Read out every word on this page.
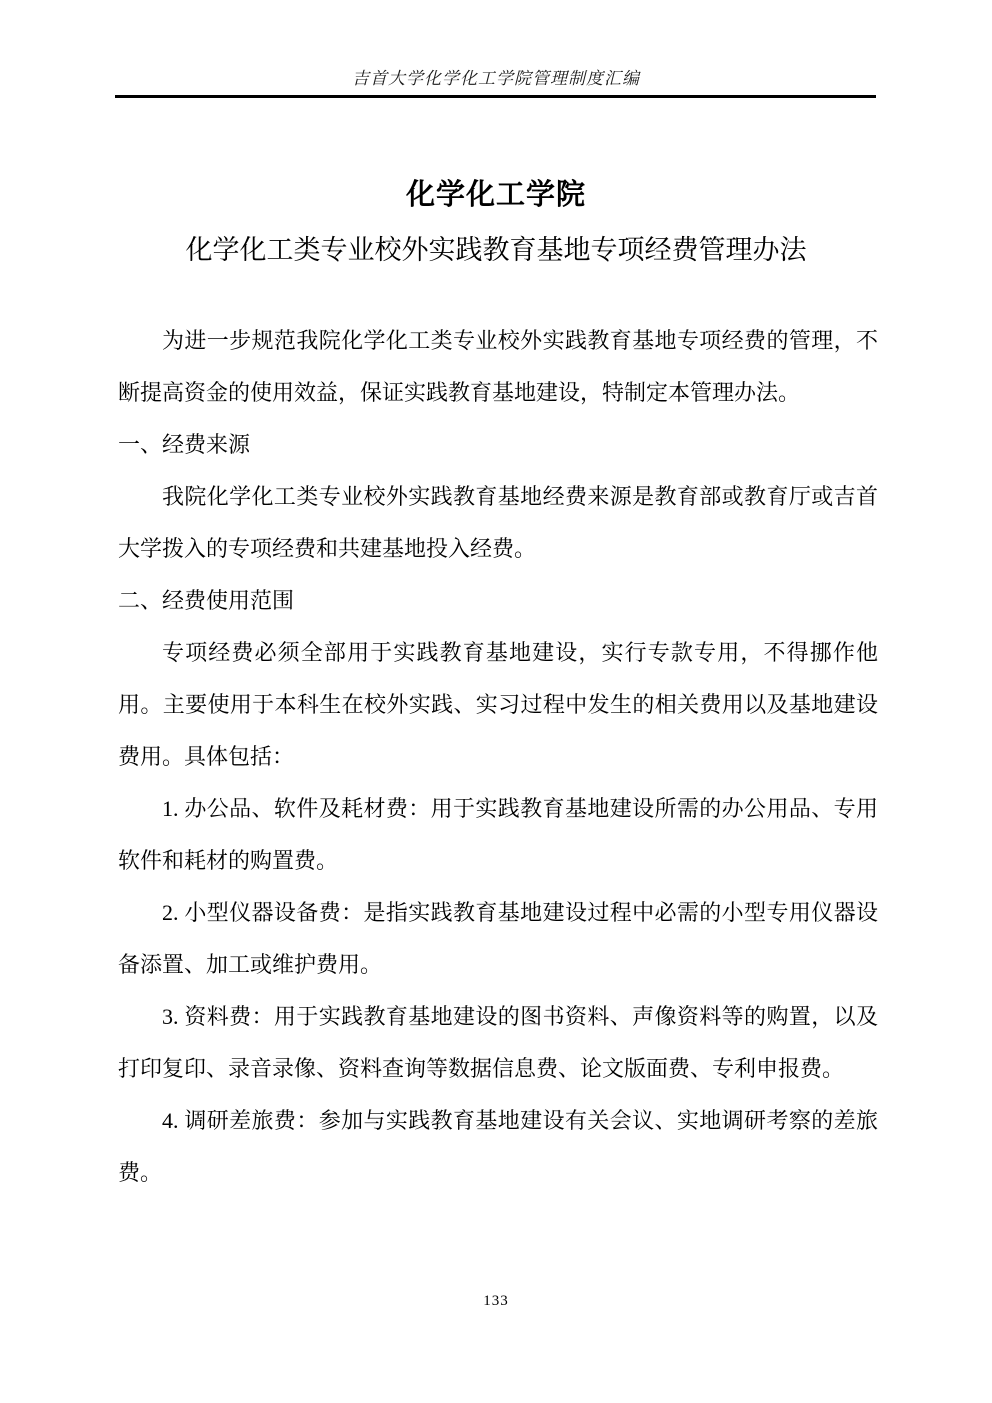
吉首大学化学化工学院管理制度汇编
化学化工学院
化学化工类专业校外实践教育基地专项经费管理办法

为进一步规范我院化学化工类专业校外实践教育基地专项经费的管理，不断提高资金的使用效益，保证实践教育基地建设，特制定本管理办法。

一、经费来源

我院化学化工类专业校外实践教育基地经费来源是教育部或教育厅或吉首大学拨入的专项经费和共建基地投入经费。

二、经费使用范围

专项经费必须全部用于实践教育基地建设，实行专款专用，不得挪作他用。主要使用于本科生在校外实践、实习过程中发生的相关费用以及基地建设费用。具体包括：

1. 办公品、软件及耗材费：用于实践教育基地建设所需的办公用品、专用软件和耗材的购置费。

2. 小型仪器设备费：是指实践教育基地建设过程中必需的小型专用仪器设备添置、加工或维护费用。

3. 资料费：用于实践教育基地建设的图书资料、声像资料等的购置，以及打印复印、录音录像、资料查询等数据信息费、论文版面费、专利申报费。

4. 调研差旅费：参加与实践教育基地建设有关会议、实地调研考察的差旅费。

133
